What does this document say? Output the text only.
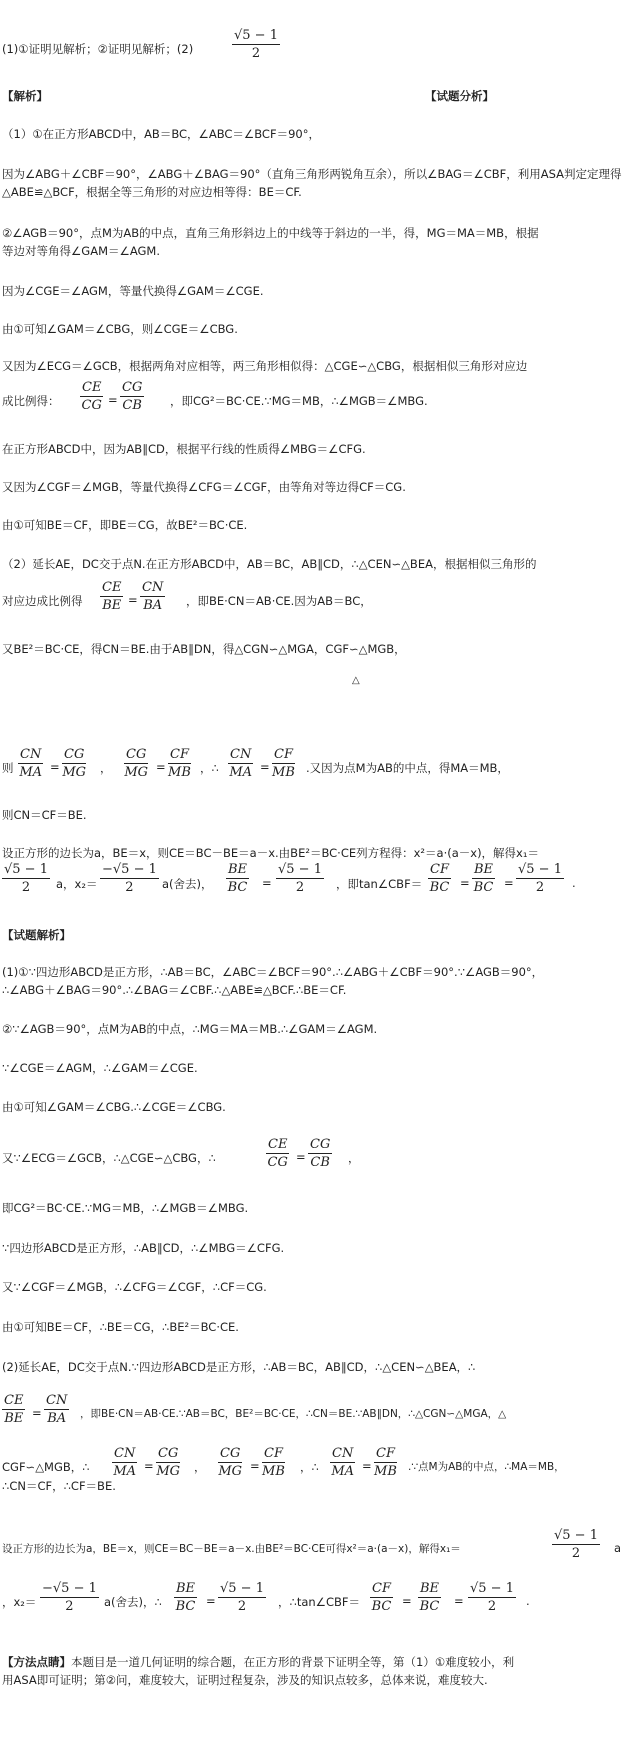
(1)①证明见解析；②证明见解析；(2)	$\frac{√5 - 1}{2}$
【解析】	【试题分析】
（1）①在正方形ABCD中，AB＝BC，∠ABC＝∠BCF＝90°，
因为∠ABG＋∠CBF＝90°，∠ABG＋∠BAG＝90°（直角三角形两锐角互余），所以∠BAG＝∠CBF，利用ASA判定定理得
△ABE≌△BCF，根据全等三角形的对应边相等得：BE＝CF.
②∠AGB＝90°，点M为AB的中点，直角三角形斜边上的中线等于斜边的一半，得，MG＝MA＝MB，根据
等边对等角得∠GAM＝∠AGM.
因为∠CGE＝∠AGM，等量代换得∠GAM＝∠CGE.
由①可知∠GAM＝∠CBG，则∠CGE＝∠CBG.
又因为∠ECG＝∠GCB，根据两角对应相等，两三角形相似得：△CGE∽△CBG，根据相似三角形对应边
成比例得： $\frac{CE}{CG} = \frac{CG}{CB}$ ，即CG²＝BC·CE.∵MG＝MB，∴∠MGB＝∠MBG.
在正方形ABCD中，因为AB∥CD，根据平行线的性质得∠MBG＝∠CFG.
又因为∠CGF＝∠MGB，等量代换得∠CFG＝∠CGF，由等角对等边得CF＝CG.
由①可知BE＝CF，即BE＝CG，故BE²＝BC·CE.
（2）延长AE，DC交于点N.在正方形ABCD中，AB＝BC，AB∥CD，∴△CEN∽△BEA，根据相似三角形的
对应边成比例得 $\frac{CE}{BE} = \frac{CN}{BA}$ ，即BE·CN＝AB·CE.因为AB＝BC，
又BE²＝BC·CE，得CN＝BE.由于AB∥DN，得△CGN∽△MGA，CGF∽△MGB，
△
则 $\frac{CN}{MA} = \frac{CG}{MG}$ ， $\frac{CG}{MG} = \frac{CF}{MB}$ ，∴ $\frac{CN}{MA} = \frac{CF}{MB}$ .又因为点M为AB的中点，得MA＝MB，
则CN＝CF＝BE.
设正方形的边长为a，BE＝x，则CE＝BC－BE＝a－x.由BE²＝BC·CE列方程得：x²＝a·(a－x)，解得x₁＝
$\frac{√5 - 1}{2}$ a，$x_2= \frac{-√5 - 1}{2} a$(舍去)， $\frac{BE}{BC} = \frac{√5 - 1}{2}$ ，即tan∠CBF＝ $\frac{CF}{BC} = \frac{BE}{BC} = \frac{√5 - 1}{2}$ .
【试题解析】
(1)①∵四边形ABCD是正方形，∴AB＝BC，∠ABC＝∠BCF＝90°.∴∠ABG＋∠CBF＝90°.∵∠AGB＝90°，
∴∠ABG＋∠BAG＝90°.∴∠BAG＝∠CBF.∴△ABE≌△BCF.∴BE＝CF.
②∵∠AGB＝90°，点M为AB的中点，∴MG＝MA＝MB.∴∠GAM＝∠AGM.
∵∠CGE＝∠AGM，∴∠GAM＝∠CGE.
由①可知∠GAM＝∠CBG.∴∠CGE＝∠CBG.
又∵∠ECG＝∠GCB，∴△CGE∽△CBG，∴	$\frac{CE}{CG} = \frac{CG}{CB}$ ，
即CG²＝BC·CE.∵MG＝MB，∴∠MGB＝∠MBG.
∵四边形ABCD是正方形，∴AB∥CD，∴∠MBG＝∠CFG.
又∵∠CGF＝∠MGB，∴∠CFG＝∠CGF，∴CF＝CG.
由①可知BE＝CF，∴BE＝CG，∴BE²＝BC·CE.
(2)延长AE，DC交于点N.∵四边形ABCD是正方形，∴AB＝BC，AB∥CD，∴△CEN∽△BEA，∴
$\frac{CE}{BE} = \frac{CN}{BA}$ ，即BE·CN＝AB·CE.∵AB＝BC，BE²＝BC·CE，∴CN＝BE.∵AB∥DN，∴△CGN∽△MGA，△
CGF∽△MGB，∴ $\frac{CN}{MA} = \frac{CG}{MG}$ ， $\frac{CG}{MG} = \frac{CF}{MB}$ ，∴ $\frac{CN}{MA} = \frac{CF}{MB}$ .∵点M为AB的中点，∴MA＝MB，
∴CN＝CF，∴CF＝BE.
设正方形的边长为a，BE＝x，则CE＝BC－BE＝a－x.由BE²＝BC·CE可得x²＝a·(a－x)，解得x₁＝	$\frac{√5 - 1}{2}$ a
，$x_2= \frac{-√5 - 1}{2} a$(舍去)，∴ $\frac{BE}{BC} = \frac{√5 - 1}{2}$ ，∴tan∠CBF＝ $\frac{CF}{BC} = \frac{BE}{BC} = \frac{√5 - 1}{2}$ .
【方法点睛】本题目是一道几何证明的综合题，在正方形的背景下证明全等，第（1）①难度较小，利
用ASA即可证明；第②问，难度较大，证明过程复杂，涉及的知识点较多，总体来说，难度较大.
